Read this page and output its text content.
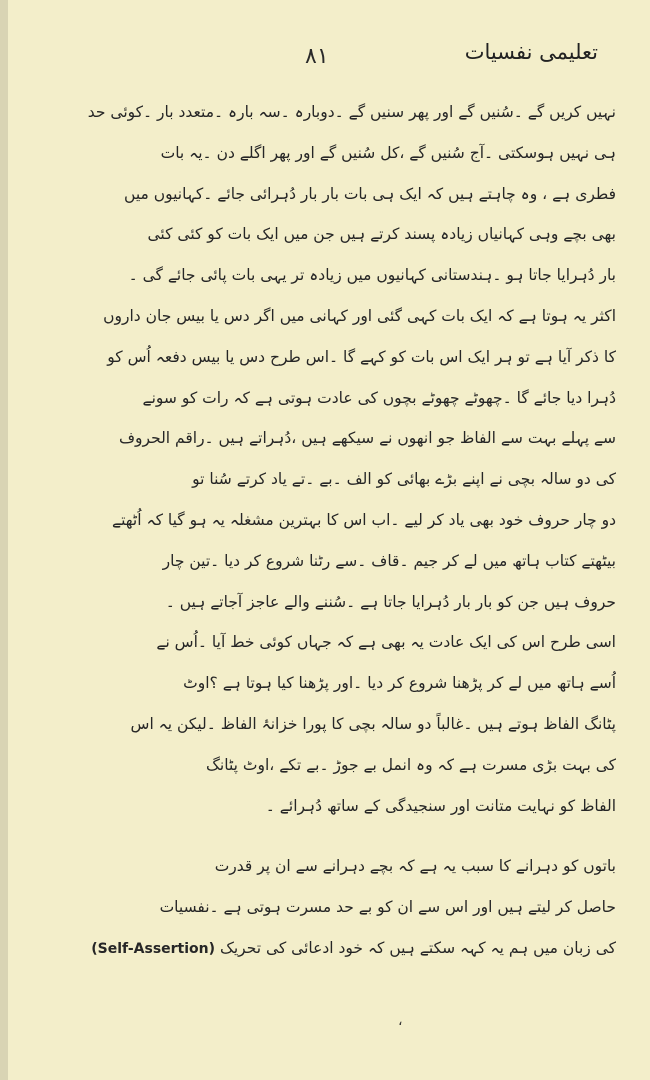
۸۱	تعلیمی نفسیات
نہیں کریں گے ۔سُنیں گے اور پھر سنیں گے ۔دوبارہ ۔سہ بارہ ۔متعدد بار ۔کوئی حد
ہی نہیں ہوسکتی ۔آج سُنیں گے ،کل سُنیں گے اور پھر اگلے دن ۔یہ بات
فطری ہے ، وہ چاہتے ہیں کہ ایک ہی بات بار بار دُہرائی جائے ۔کہانیوں میں
بھی بچے وہی کہانیاں زیادہ پسند کرتے ہیں جن میں ایک بات کو کئی کئی
بار دُہرایا جاتا ہو ۔ہندستانی کہانیوں میں زیادہ تر یہی بات پائی جائے گی ۔
اکثر یہ ہوتا ہے کہ ایک بات کہی گئی اور کہانی میں اگر دس یا بیس جان داروں
کا ذکر آیا ہے تو ہر ایک اس بات کو کہے گا ۔اس طرح دس یا بیس دفعہ اُس کو
دُہرا دیا جائے گا ۔چھوٹے چھوٹے بچوں کی عادت ہوتی ہے کہ رات کو سونے
سے پہلے بہت سے الفاظ جو انھوں نے سیکھے ہیں ،دُہراتے ہیں ۔راقم الحروف
کی دو سالہ بچی نے اپنے بڑے بھائی کو الف ۔بے ۔تے یاد کرتے سُنا تو
دو چار حروف خود بھی یاد کر لیے ۔اب اس کا بہترین مشغلہ یہ ہو گیا کہ اُٹھتے
بیٹھتے کتاب ہاتھ میں لے کر جیم ۔قاف ۔سے رٹنا شروع کر دیا ۔تین چار
حروف ہیں جن کو بار بار دُہرایا جاتا ہے ۔سُننے والے عاجز آجاتے ہیں ۔
اسی طرح اس کی ایک عادت یہ بھی ہے کہ جہاں کوئی خط آیا ۔اُس نے
اُسے ہاتھ میں لے کر پڑھنا شروع کر دیا ۔اور پڑھنا کیا ہوتا ہے ؟اوٹ
پٹانگ الفاظ ہوتے ہیں ۔غالباً دو سالہ بچی کا پورا خزانۂ الفاظ ۔لیکن یہ اس
کی بہت بڑی مسرت ہے کہ وہ انمل بے جوڑ ۔بے تکے ،اوٹ پٹانگ
الفاظ کو نہایت متانت اور سنجیدگی کے ساتھ دُہرائے ۔
باتوں کو دہرانے کا سبب یہ ہے کہ بچے دہرانے سے ان پر قدرت
حاصل کر لیتے ہیں اور اس سے ان کو بے حد مسرت ہوتی ہے ۔نفسیات
کی زبان میں ہم یہ کہہ سکتے ہیں کہ خود ادعائی کی تحریک (Self-Assertion)
،
